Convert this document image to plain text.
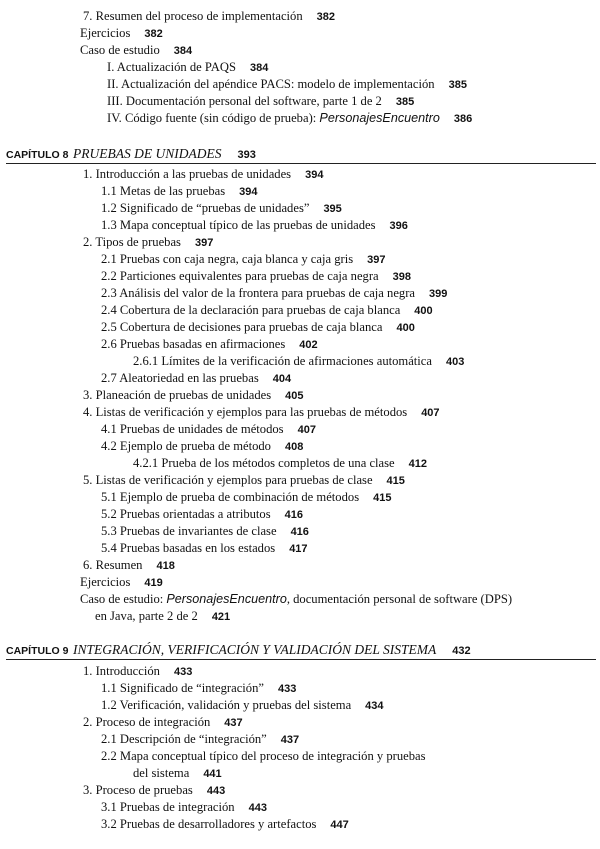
7. Resumen del proceso de implementación 382
Ejercicios 382
Caso de estudio 384
I. Actualización de PAQS 384
II. Actualización del apéndice PACS: modelo de implementación 385
III. Documentación personal del software, parte 1 de 2 385
IV. Código fuente (sin código de prueba): PersonajesEncuentro 386
CAPÍTULO 8 PRUEBAS DE UNIDADES 393
1. Introducción a las pruebas de unidades 394
1.1 Metas de las pruebas 394
1.2 Significado de “pruebas de unidades” 395
1.3 Mapa conceptual típico de las pruebas de unidades 396
2. Tipos de pruebas 397
2.1 Pruebas con caja negra, caja blanca y caja gris 397
2.2 Particiones equivalentes para pruebas de caja negra 398
2.3 Análisis del valor de la frontera para pruebas de caja negra 399
2.4 Cobertura de la declaración para pruebas de caja blanca 400
2.5 Cobertura de decisiones para pruebas de caja blanca 400
2.6 Pruebas basadas en afirmaciones 402
2.6.1 Límites de la verificación de afirmaciones automática 403
2.7 Aleatoriedad en las pruebas 404
3. Planeación de pruebas de unidades 405
4. Listas de verificación y ejemplos para las pruebas de métodos 407
4.1 Pruebas de unidades de métodos 407
4.2 Ejemplo de prueba de método 408
4.2.1 Prueba de los métodos completos de una clase 412
5. Listas de verificación y ejemplos para pruebas de clase 415
5.1 Ejemplo de prueba de combinación de métodos 415
5.2 Pruebas orientadas a atributos 416
5.3 Pruebas de invariantes de clase 416
5.4 Pruebas basadas en los estados 417
6. Resumen 418
Ejercicios 419
Caso de estudio: PersonajesEncuentro, documentación personal de software (DPS)
en Java, parte 2 de 2 421
CAPÍTULO 9 INTEGRACIÓN, VERIFICACIÓN Y VALIDACIÓN DEL SISTEMA 432
1. Introducción 433
1.1 Significado de “integración” 433
1.2 Verificación, validación y pruebas del sistema 434
2. Proceso de integración 437
2.1 Descripción de “integración” 437
2.2 Mapa conceptual típico del proceso de integración y pruebas
del sistema 441
3. Proceso de pruebas 443
3.1 Pruebas de integración 443
3.2 Pruebas de desarrolladores y artefactos 447
